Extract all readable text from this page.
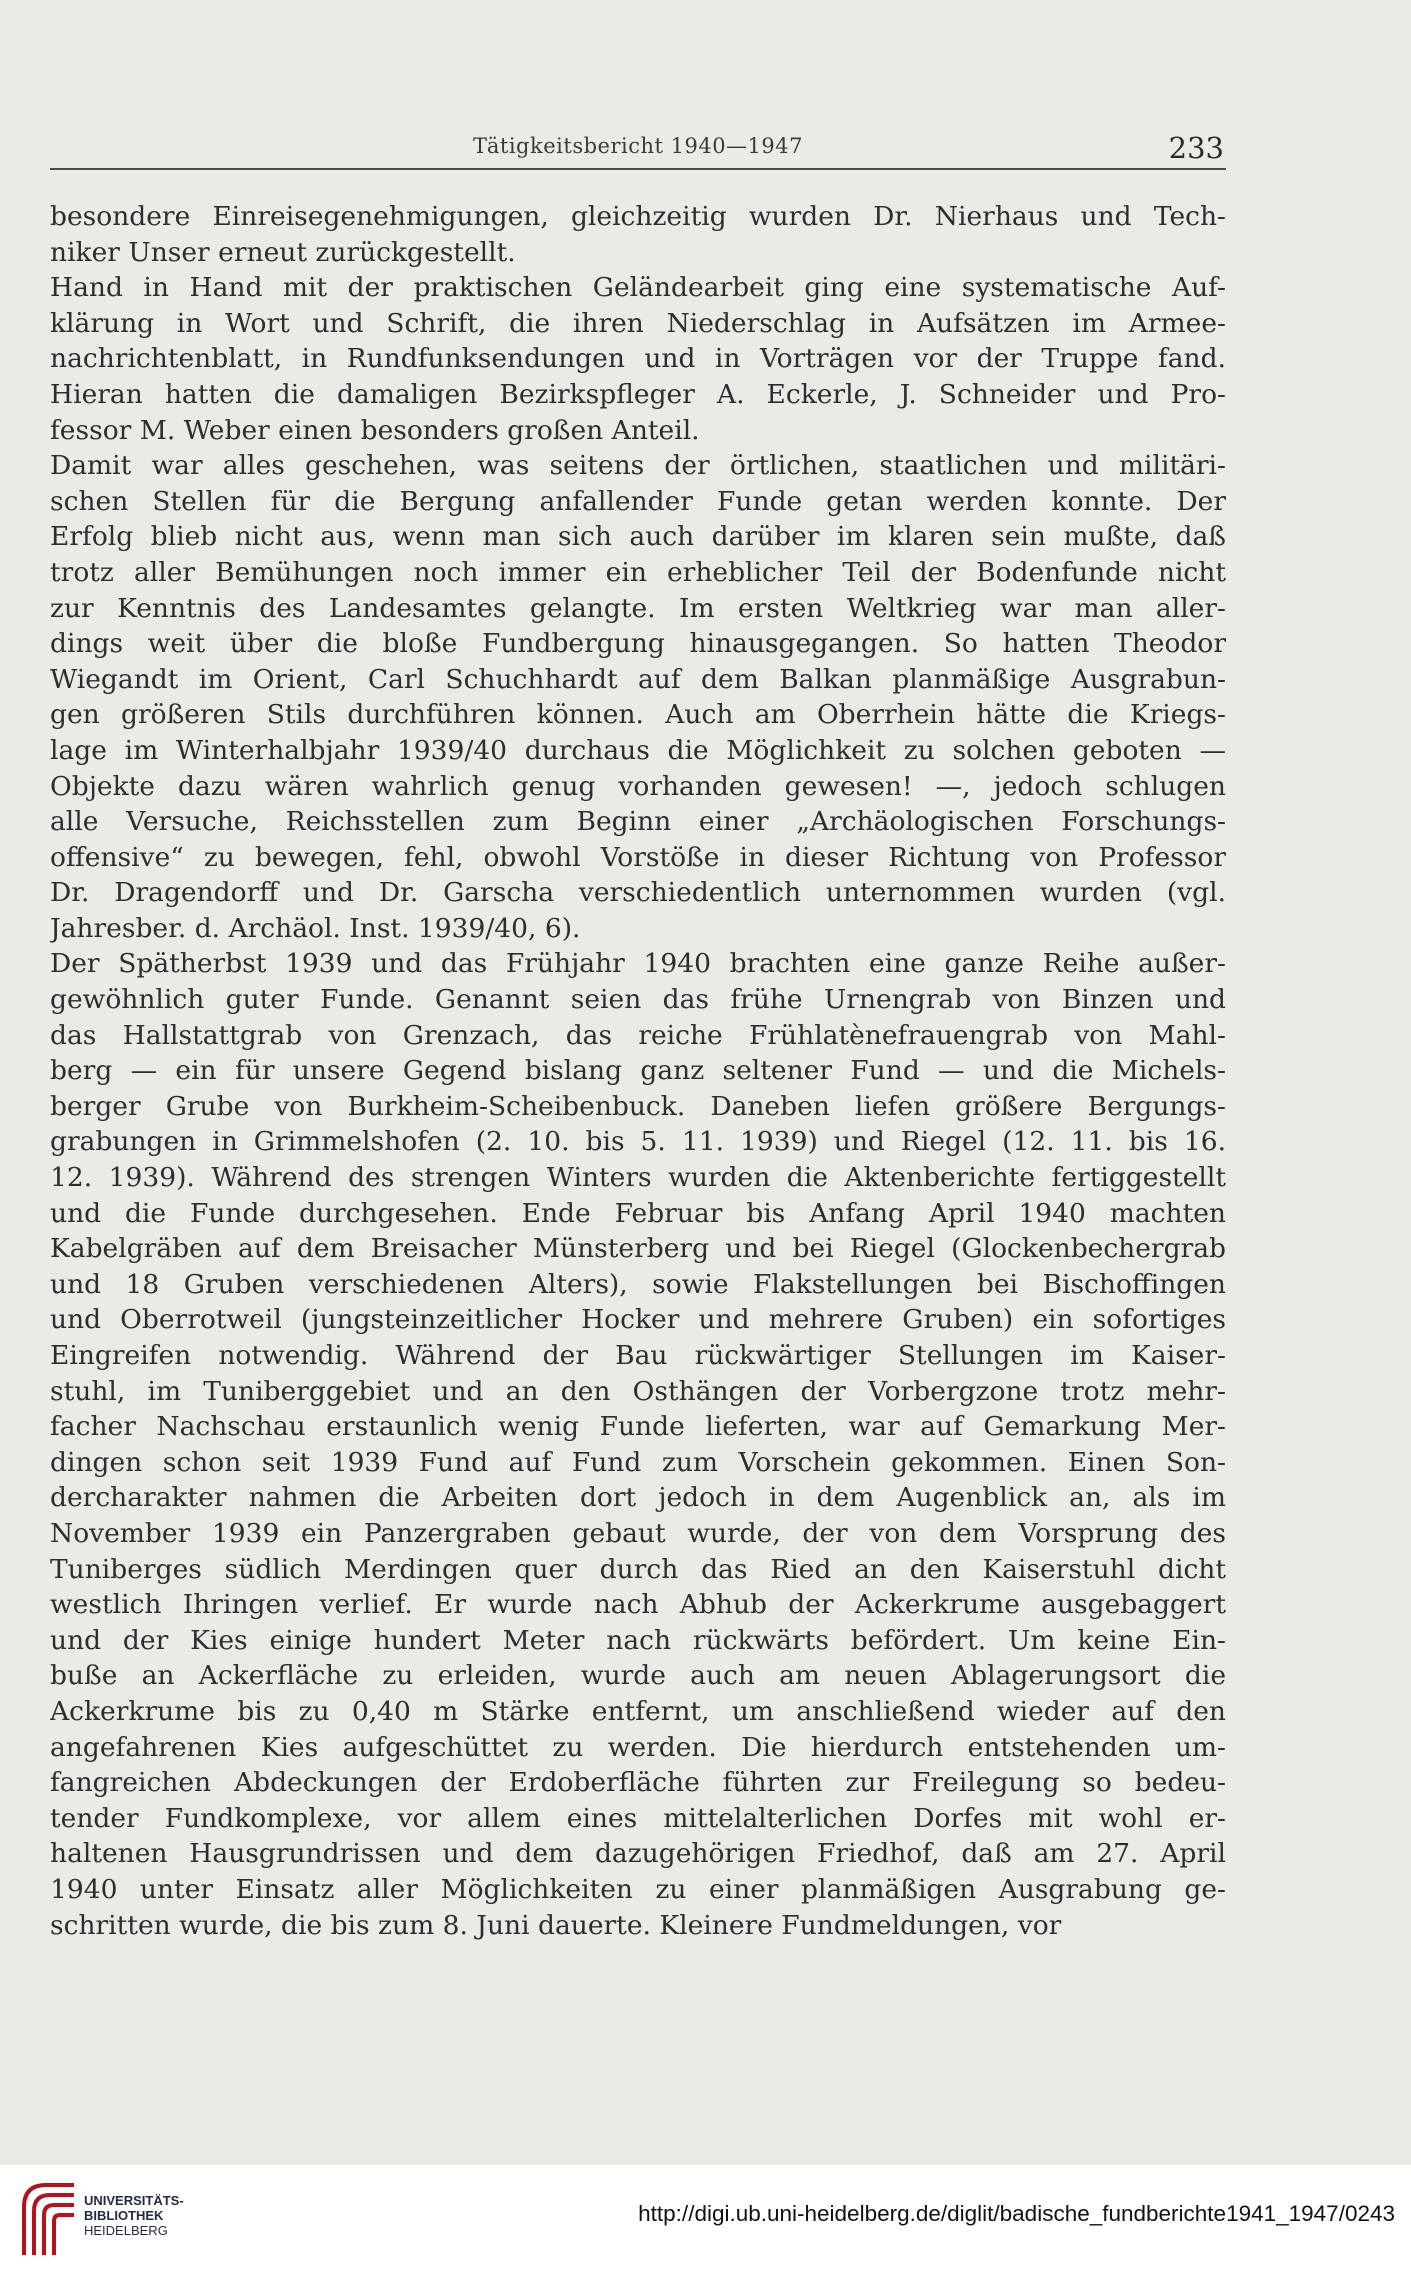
Tätigkeitsbericht 1940—1947	233
besondere Einreisegenehmigungen, gleichzeitig wurden Dr. Nierhaus und Tech-
niker Unser erneut zurückgestellt.
Hand in Hand mit der praktischen Geländearbeit ging eine systematische Auf-
klärung in Wort und Schrift, die ihren Niederschlag in Aufsätzen im Armee-
nachrichtenblatt, in Rundfunksendungen und in Vorträgen vor der Truppe fand.
Hieran hatten die damaligen Bezirkspfleger A. Eckerle, J. Schneider und Pro-
fessor M. Weber einen besonders großen Anteil.
Damit war alles geschehen, was seitens der örtlichen, staatlichen und militäri-
schen Stellen für die Bergung anfallender Funde getan werden konnte. Der
Erfolg blieb nicht aus, wenn man sich auch darüber im klaren sein mußte, daß
trotz aller Bemühungen noch immer ein erheblicher Teil der Bodenfunde nicht
zur Kenntnis des Landesamtes gelangte. Im ersten Weltkrieg war man aller-
dings weit über die bloße Fundbergung hinausgegangen. So hatten Theodor
Wiegandt im Orient, Carl Schuchhardt auf dem Balkan planmäßige Ausgrabun-
gen größeren Stils durchführen können. Auch am Oberrhein hätte die Kriegs-
lage im Winterhalbjahr 1939/40 durchaus die Möglichkeit zu solchen geboten —
Objekte dazu wären wahrlich genug vorhanden gewesen! —, jedoch schlugen
alle Versuche, Reichsstellen zum Beginn einer „Archäologischen Forschungs-
offensive“ zu bewegen, fehl, obwohl Vorstöße in dieser Richtung von Professor
Dr. Dragendorff und Dr. Garscha verschiedentlich unternommen wurden (vgl.
Jahresber. d. Archäol. Inst. 1939/40, 6).
Der Spätherbst 1939 und das Frühjahr 1940 brachten eine ganze Reihe außer-
gewöhnlich guter Funde. Genannt seien das frühe Urnengrab von Binzen und
das Hallstattgrab von Grenzach, das reiche Frühlatènefrauengrab von Mahl-
berg — ein für unsere Gegend bislang ganz seltener Fund — und die Michels-
berger Grube von Burkheim-Scheibenbuck. Daneben liefen größere Bergungs-
grabungen in Grimmelshofen (2. 10. bis 5. 11. 1939) und Riegel (12. 11. bis 16.
12. 1939). Während des strengen Winters wurden die Aktenberichte fertiggestellt
und die Funde durchgesehen. Ende Februar bis Anfang April 1940 machten
Kabelgräben auf dem Breisacher Münsterberg und bei Riegel (Glockenbechergrab
und 18 Gruben verschiedenen Alters), sowie Flakstellungen bei Bischoffingen
und Oberrotweil (jungsteinzeitlicher Hocker und mehrere Gruben) ein sofortiges
Eingreifen notwendig. Während der Bau rückwärtiger Stellungen im Kaiser-
stuhl, im Tuniberggebiet und an den Osthängen der Vorbergzone trotz mehr-
facher Nachschau erstaunlich wenig Funde lieferten, war auf Gemarkung Mer-
dingen schon seit 1939 Fund auf Fund zum Vorschein gekommen. Einen Son-
dercharakter nahmen die Arbeiten dort jedoch in dem Augenblick an, als im
November 1939 ein Panzergraben gebaut wurde, der von dem Vorsprung des
Tuniberges südlich Merdingen quer durch das Ried an den Kaiserstuhl dicht
westlich Ihringen verlief. Er wurde nach Abhub der Ackerkrume ausgebaggert
und der Kies einige hundert Meter nach rückwärts befördert. Um keine Ein-
buße an Ackerfläche zu erleiden, wurde auch am neuen Ablagerungsort die
Ackerkrume bis zu 0,40 m Stärke entfernt, um anschließend wieder auf den
angefahrenen Kies aufgeschüttet zu werden. Die hierdurch entstehenden um-
fangreichen Abdeckungen der Erdoberfläche führten zur Freilegung so bedeu-
tender Fundkomplexe, vor allem eines mittelalterlichen Dorfes mit wohl er-
haltenen Hausgrundrissen und dem dazugehörigen Friedhof, daß am 27. April
1940 unter Einsatz aller Möglichkeiten zu einer planmäßigen Ausgrabung ge-
schritten wurde, die bis zum 8. Juni dauerte. Kleinere Fundmeldungen, vor
UNIVERSITÄTS-
BIBLIOTHEK
HEIDELBERG
http://digi.ub.uni-heidelberg.de/diglit/badische_fundberichte1941_1947/0243
